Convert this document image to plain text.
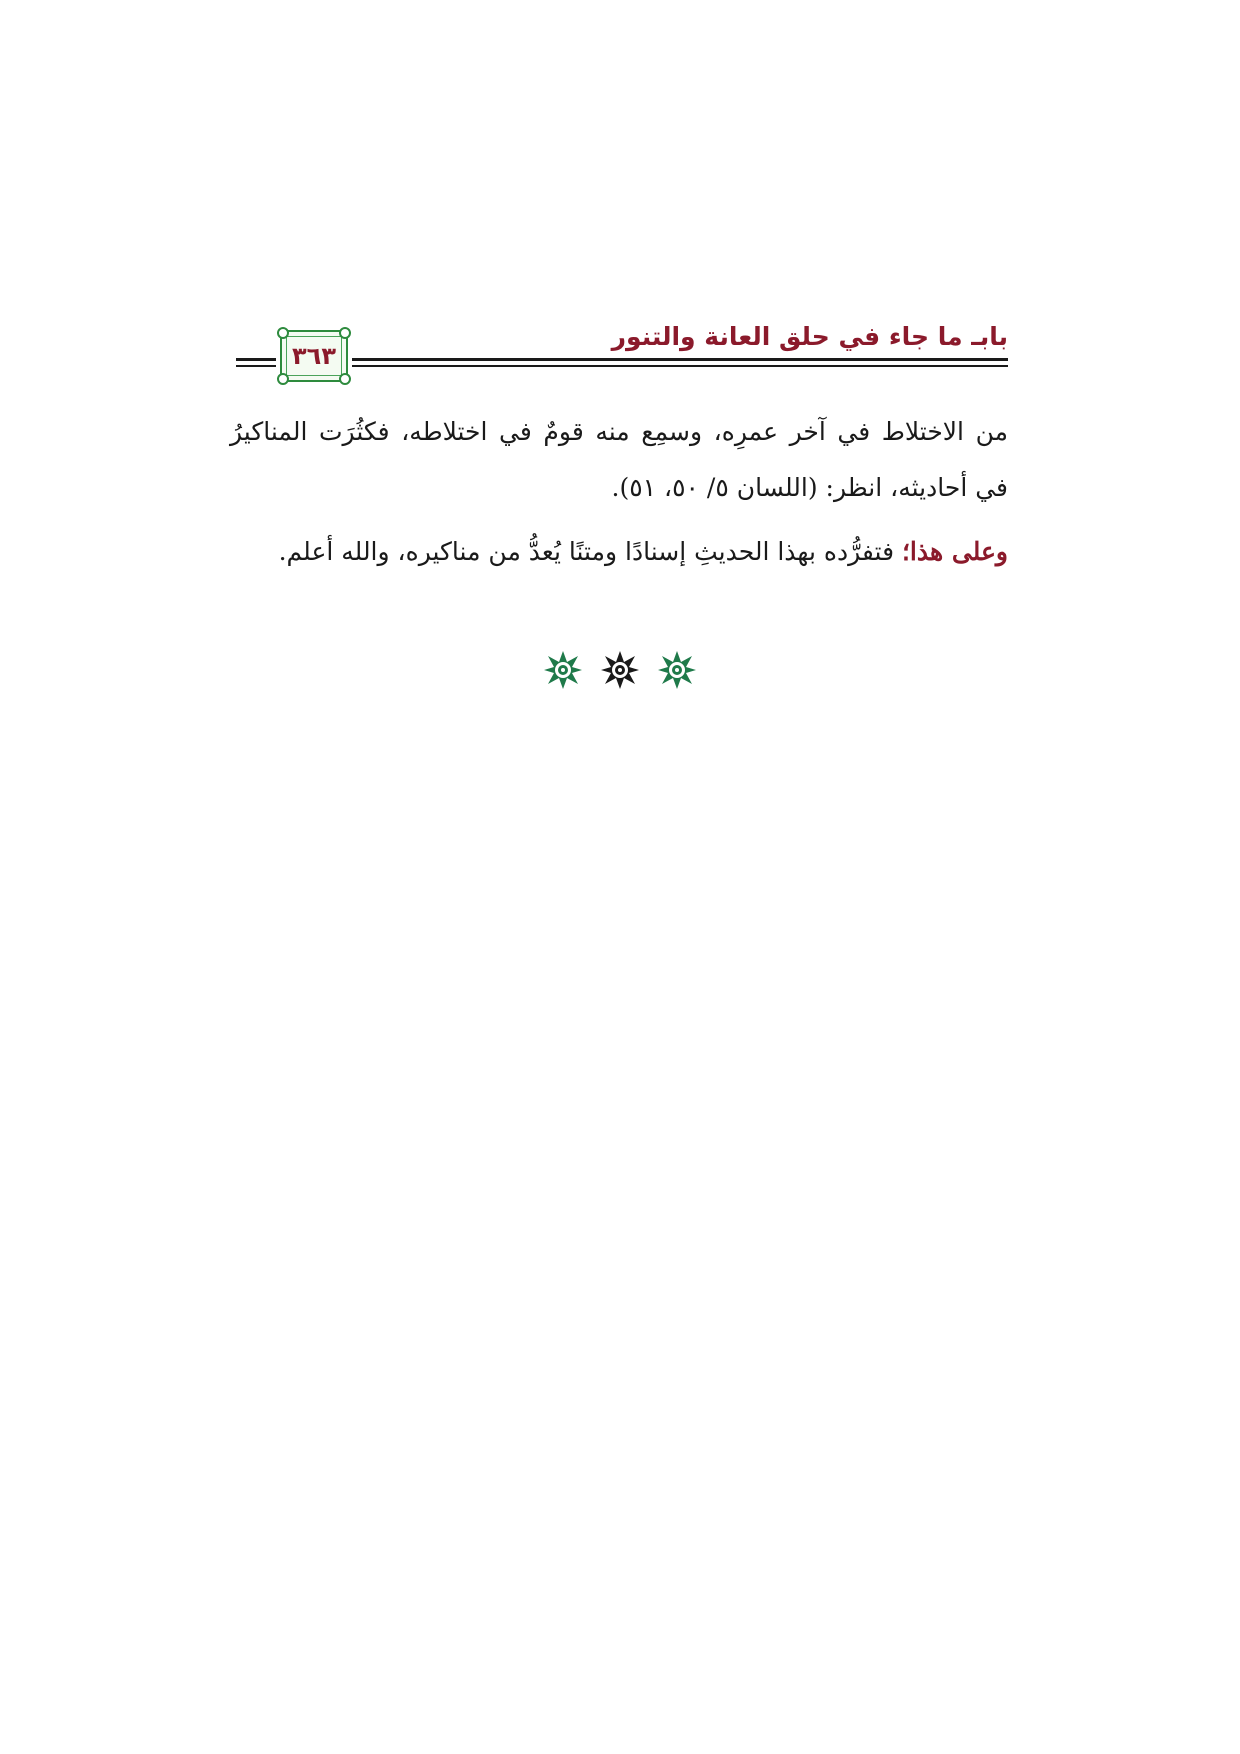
بابـ ما جاء في حلق العانة والتنور
٣٦٣
من الاختلاط في آخر عمرِه، وسمِع منه قومٌ في اختلاطه، فكثُرَت المناكيرُ في أحاديثه، انظر: (اللسان ٥/ ٥٠، ٥١).
وعلى هذا؛ فتفرُّده بهذا الحديثِ إسنادًا ومتنًا يُعدُّ من مناكيره، والله أعلم.
